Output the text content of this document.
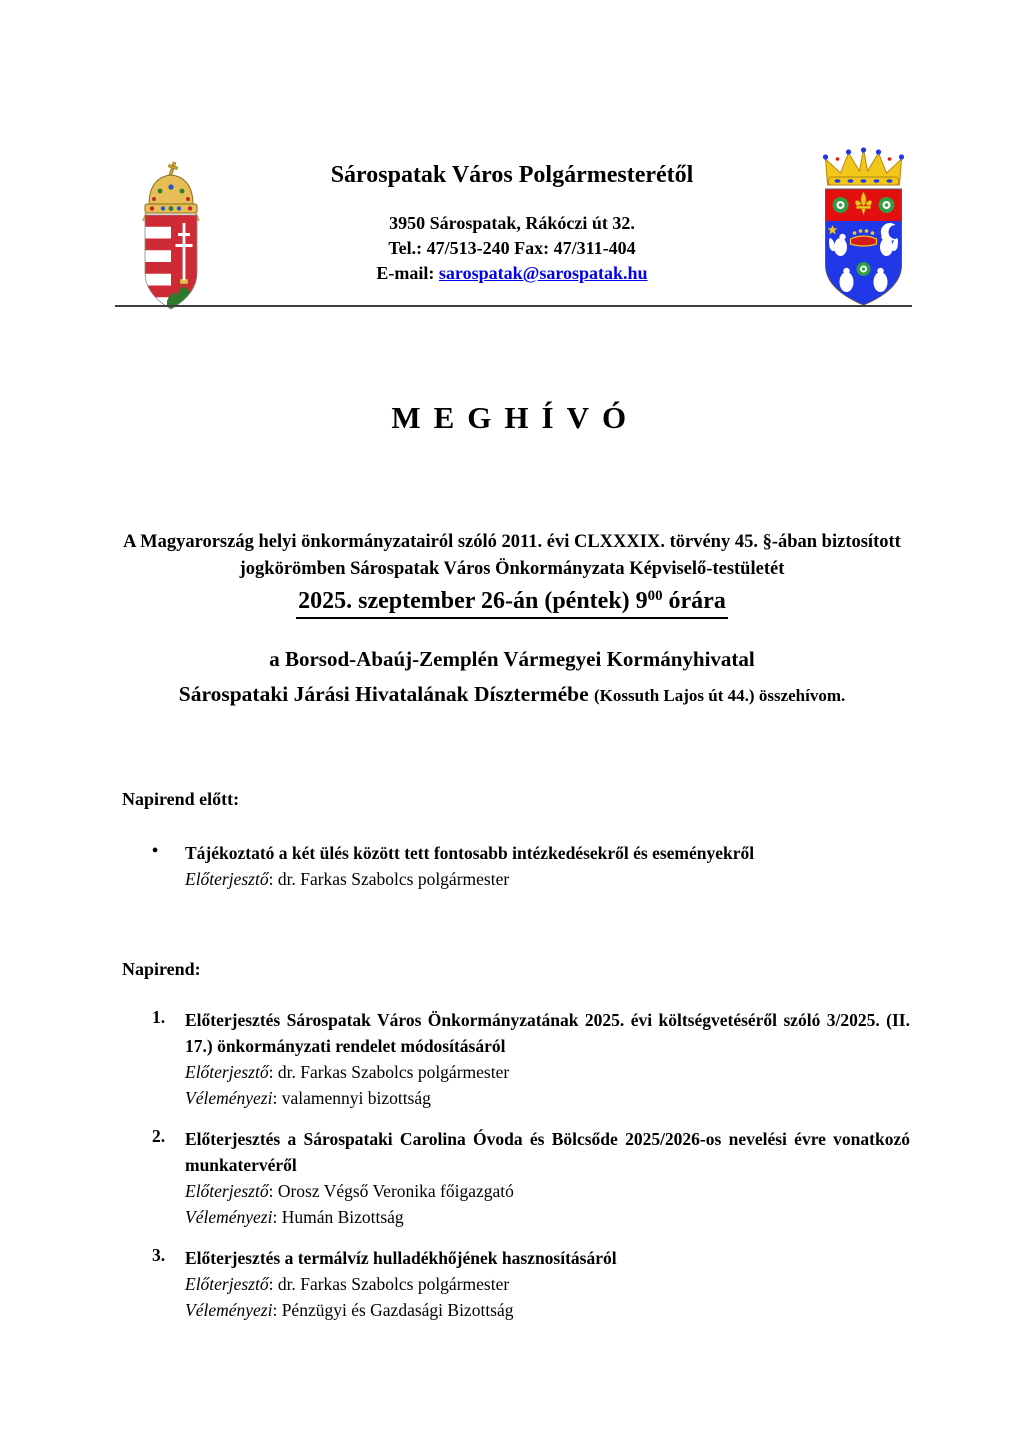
Sárospatak Város Polgármesterétől
3950 Sárospatak, Rákóczi út 32.
Tel.: 47/513-240 Fax: 47/311-404
E-mail: sarospatak@sarospatak.hu
MEGHÍVÓ
A Magyarország helyi önkormányzatairól szóló 2011. évi CLXXXIX. törvény 45. §-ában biztosított jogkörömben Sárospatak Város Önkormányzata Képviselő-testületét
2025. szeptember 26-án (péntek) $9^{00}$ órára
a Borsod-Abaúj-Zemplén Vármegyei Kormányhivatal
Sárospataki Járási Hivatalának Dísztermébe (Kossuth Lajos út 44.) összehívom.
Napirend előtt:
•	Tájékoztató a két ülés között tett fontosabb intézkedésekről és eseményekről
Előterjesztő: dr. Farkas Szabolcs polgármester
Napirend:
1.	Előterjesztés Sárospatak Város Önkormányzatának 2025. évi költségvetéséről szóló 3/2025. (II. 17.) önkormányzati rendelet módosításáról
Előterjesztő: dr. Farkas Szabolcs polgármester
Véleményezi: valamennyi bizottság
2.	Előterjesztés a Sárospataki Carolina Óvoda és Bölcsőde 2025/2026-os nevelési évre vonatkozó munkatervéről
Előterjesztő: Orosz Végső Veronika főigazgató
Véleményezi: Humán Bizottság
3.	Előterjesztés a termálvíz hulladékhőjének hasznosításáról
Előterjesztő: dr. Farkas Szabolcs polgármester
Véleményezi: Pénzügyi és Gazdasági Bizottság
